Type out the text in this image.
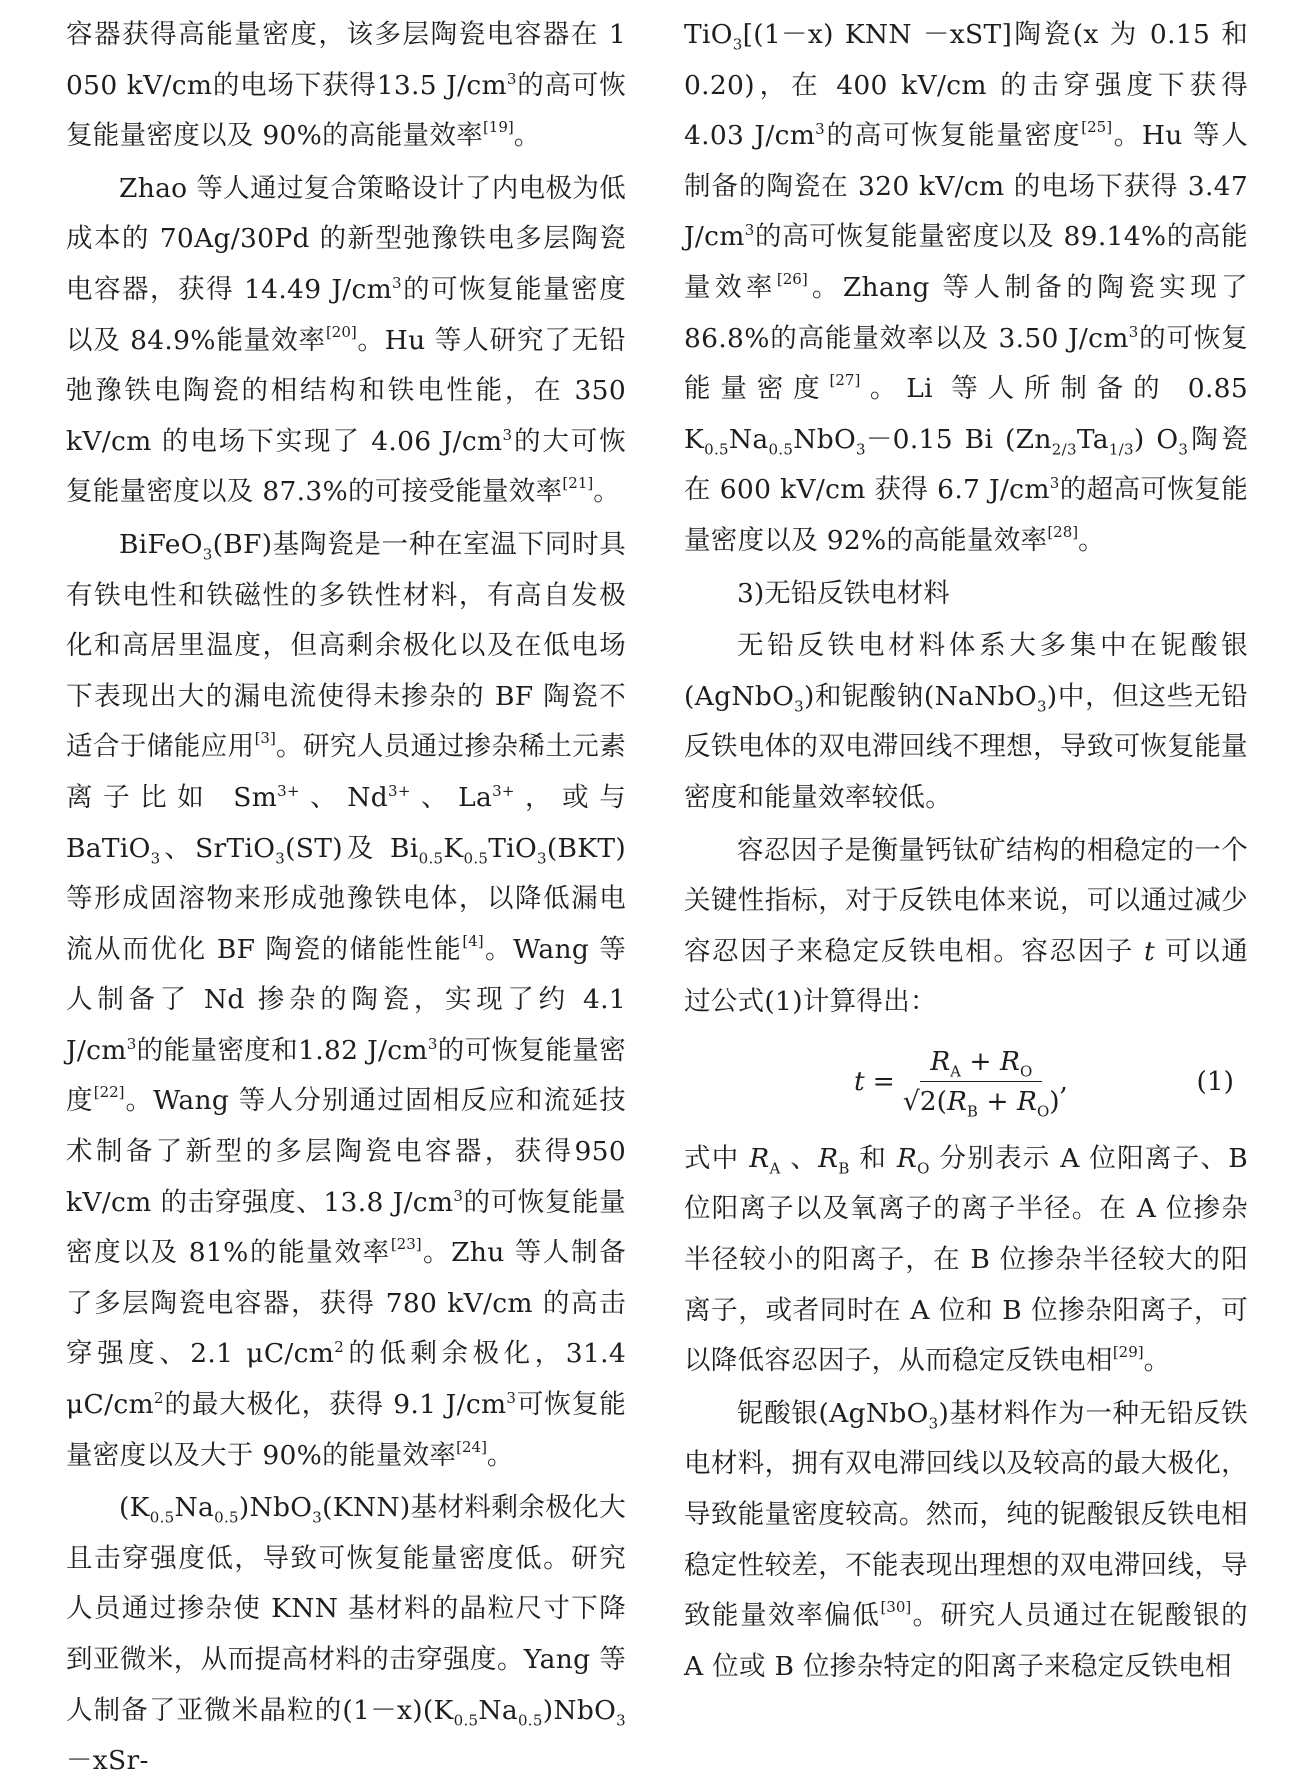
容器获得高能量密度，该多层陶瓷电容器在 1 050 kV/cm的电场下获得13.5 $J/cm^3$的高可恢复能量密度以及 90%的高能量效率[19]。

Zhao 等人通过复合策略设计了内电极为低成本的 70Ag/30Pd 的新型弛豫铁电多层陶瓷电容器，获得 14.49 $J/cm^3$的可恢复能量密度以及 84.9%能量效率[20]。Hu 等人研究了无铅弛豫铁电陶瓷的相结构和铁电性能，在 350 kV/cm 的电场下实现了 4.06 $J/cm^3$的大可恢复能量密度以及 87.3%的可接受能量效率[21]。

BiFeO$_3$(BF)基陶瓷是一种在室温下同时具有铁电性和铁磁性的多铁性材料，有高自发极化和高居里温度，但高剩余极化以及在低电场下表现出大的漏电流使得未掺杂的 BF 陶瓷不适合于储能应用[3]。研究人员通过掺杂稀土元素离子比如 $Sm^{3+}$、$Nd^{3+}$、$La^{3+}$，或与 BaTiO$_3$、SrTiO$_3$(ST)及 $Bi_{0.5}K_{0.5}TiO_3(BKT)$等形成固溶物来形成弛豫铁电体，以降低漏电流从而优化 BF 陶瓷的储能性能[4]。Wang 等人制备了 Nd 掺杂的陶瓷，实现了约 4.1 $J/cm^3$的能量密度和1.82 $J/cm^3$的可恢复能量密度[22]。Wang 等人分别通过固相反应和流延技术制备了新型的多层陶瓷电容器，获得950 kV/cm 的击穿强度、13.8 $J/cm^3$的可恢复能量密度以及 81%的能量效率[23]。Zhu 等人制备了多层陶瓷电容器，获得 780 kV/cm 的高击穿强度、2.1 $\mu C/cm^2$的低剩余极化，31.4 $\mu C/cm^2$的最大极化，获得 9.1 $J/cm^3$可恢复能量密度以及大于 90%的能量效率[24]。

$(K_{0.5}Na_{0.5})NbO_3(KNN)$基材料剩余极化大且击穿强度低，导致可恢复能量密度低。研究人员通过掺杂使 KNN 基材料的晶粒尺寸下降到亚微米，从而提高材料的击穿强度。Yang 等人制备了亚微米晶粒的$(1-x)(K_{0.5}Na_{0.5})NbO_3-xSr-$

TiO$_3$[(1－x) KNN －xST]陶瓷(x 为 0.15 和 0.20)，在 400 kV/cm 的击穿强度下获得 4.03 $J/cm^3$的高可恢复能量密度[25]。Hu 等人制备的陶瓷在 320 kV/cm 的电场下获得 3.47 $J/cm^3$的高可恢复能量密度以及 89.14%的高能量效率[26]。Zhang 等人制备的陶瓷实现了 86.8%的高能量效率以及 3.50 $J/cm^3$的可恢复能量密度[27]。Li 等人所制备的 0.85 $K_{0.5}Na_{0.5}NbO_3-0.15$ Bi $(Zn_{2/3}Ta_{1/3})$ $O_3$陶瓷在 600 kV/cm 获得 6.7 $J/cm^3$的超高可恢复能量密度以及 92%的高能量效率[28]。

3)无铅反铁电材料

无铅反铁电材料体系大多集中在铌酸银(AgNbO$_3$)和铌酸钠(NaNbO$_3$)中，但这些无铅反铁电体的双电滞回线不理想，导致可恢复能量密度和能量效率较低。

容忍因子是衡量钙钛矿结构的相稳定的一个关键性指标，对于反铁电体来说，可以通过减少容忍因子来稳定反铁电相。容忍因子 t 可以通过公式(1)计算得出：

$t = \frac{R_A + R_O}{√2(R_B + R_O)}$ ,	(1)

式中 $R_A$ 、$R_B$ 和 $R_O$ 分别表示 A 位阳离子、B 位阳离子以及氧离子的离子半径。在 A 位掺杂半径较小的阳离子，在 B 位掺杂半径较大的阳离子，或者同时在 A 位和 B 位掺杂阳离子，可以降低容忍因子，从而稳定反铁电相[29]。

铌酸银(AgNbO$_3$)基材料作为一种无铅反铁电材料，拥有双电滞回线以及较高的最大极化，导致能量密度较高。然而，纯的铌酸银反铁电相稳定性较差，不能表现出理想的双电滞回线，导致能量效率偏低[30]。研究人员通过在铌酸银的 A 位或 B 位掺杂特定的阳离子来稳定反铁电相
